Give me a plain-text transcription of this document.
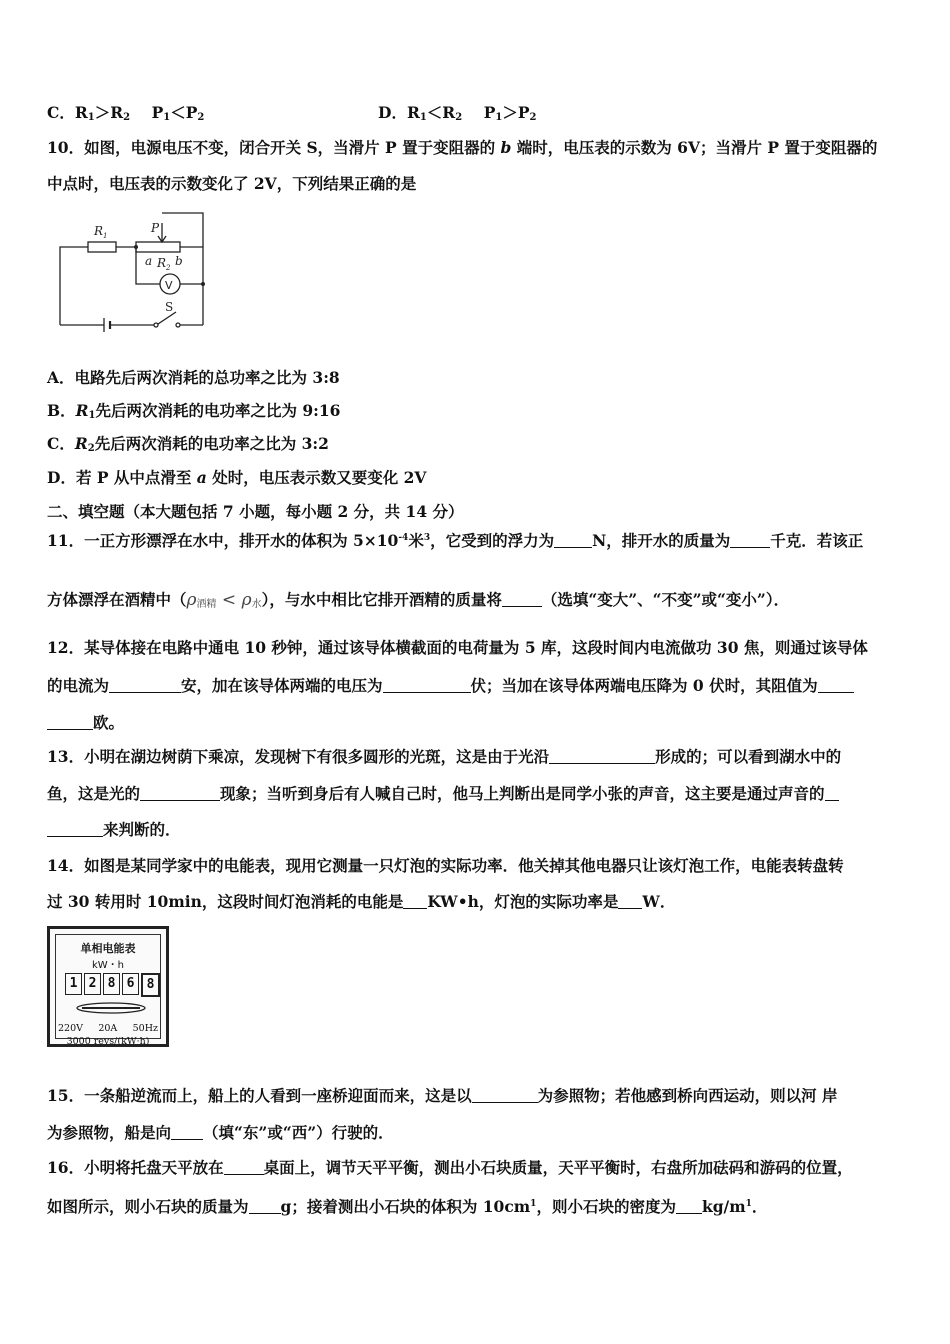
C．$R_1>R_2$ $P_1<P_2$	D．$R_1<R_2$ $P_1>P_2$
10．如图，电源电压不变，闭合开关 S，当滑片 P 置于变阻器的 b 端时，电压表的示数为 6V；当滑片 P 置于变阻器的
中点时，电压表的示数变化了 2V，下列结果正确的是
R 1
P
a R 2 b
S
V
A．电路先后两次消耗的总功率之比为 3:8
B．$R_1$先后两次消耗的电功率之比为 9:16
C．$R_2$先后两次消耗的电功率之比为 3:2
D．若 P 从中点滑至 a 处时，电压表示数又要变化 2V
二、填空题（本大题包括 7 小题，每小题 2 分，共 14 分）
11．一正方形漂浮在水中，排开水的体积为 $5\times 10^{-4}$米$^3$，它受到的浮力为 N，排开水的质量为	千克．若该正
方体漂浮在酒精中$(\rho_{酒精} < \rho_水)$，与水中相比它排开酒精的质量将	（选填“变大”、“不变”或“变小”）．
12．某导体接在电路中通电 10 秒钟，通过该导体横截面的电荷量为 5 库，这段时间内电流做功 30 焦，则通过该导体
的电流为	安，加在该导体两端的电压为	伏；当加在该导体两端电压降为 0 伏时，其阻值为
欧。
13．小明在湖边树荫下乘凉，发现树下有很多圆形的光斑，这是由于光沿	形成的；可以看到湖水中的
鱼，这是光的	现象；当听到身后有人喊自己时，他马上判断出是同学小张的声音，这主要是通过声音的
来判断的．
14．如图是某同学家中的电能表，现用它测量一只灯泡的实际功率．他关掉其他电器只让该灯泡工作，电能表转盘转
过 30 转用时 10min，这段时间灯泡消耗的电能是 KW•h，灯泡的实际功率是 W．
单相电能表
kW・h
1 2 8 6 8
220V 20A 50Hz
3000 revs/(kW·h)
15．一条船逆流而上，船上的人看到一座桥迎面而来，这是以	为参照物；若他感到桥向西运动，则以河 岸
为参照物，船是向 （填“东”或“西”）行驶的．
16．小明将托盘天平放在	桌面上，调节天平平衡，测出小石块质量，天平平衡时，右盘所加砝码和游码的位置，
如图所示，则小石块的质量为 g；接着测出小石块的体积为 $10cm^1$，则小石块的密度为 $kg/m^1$．
